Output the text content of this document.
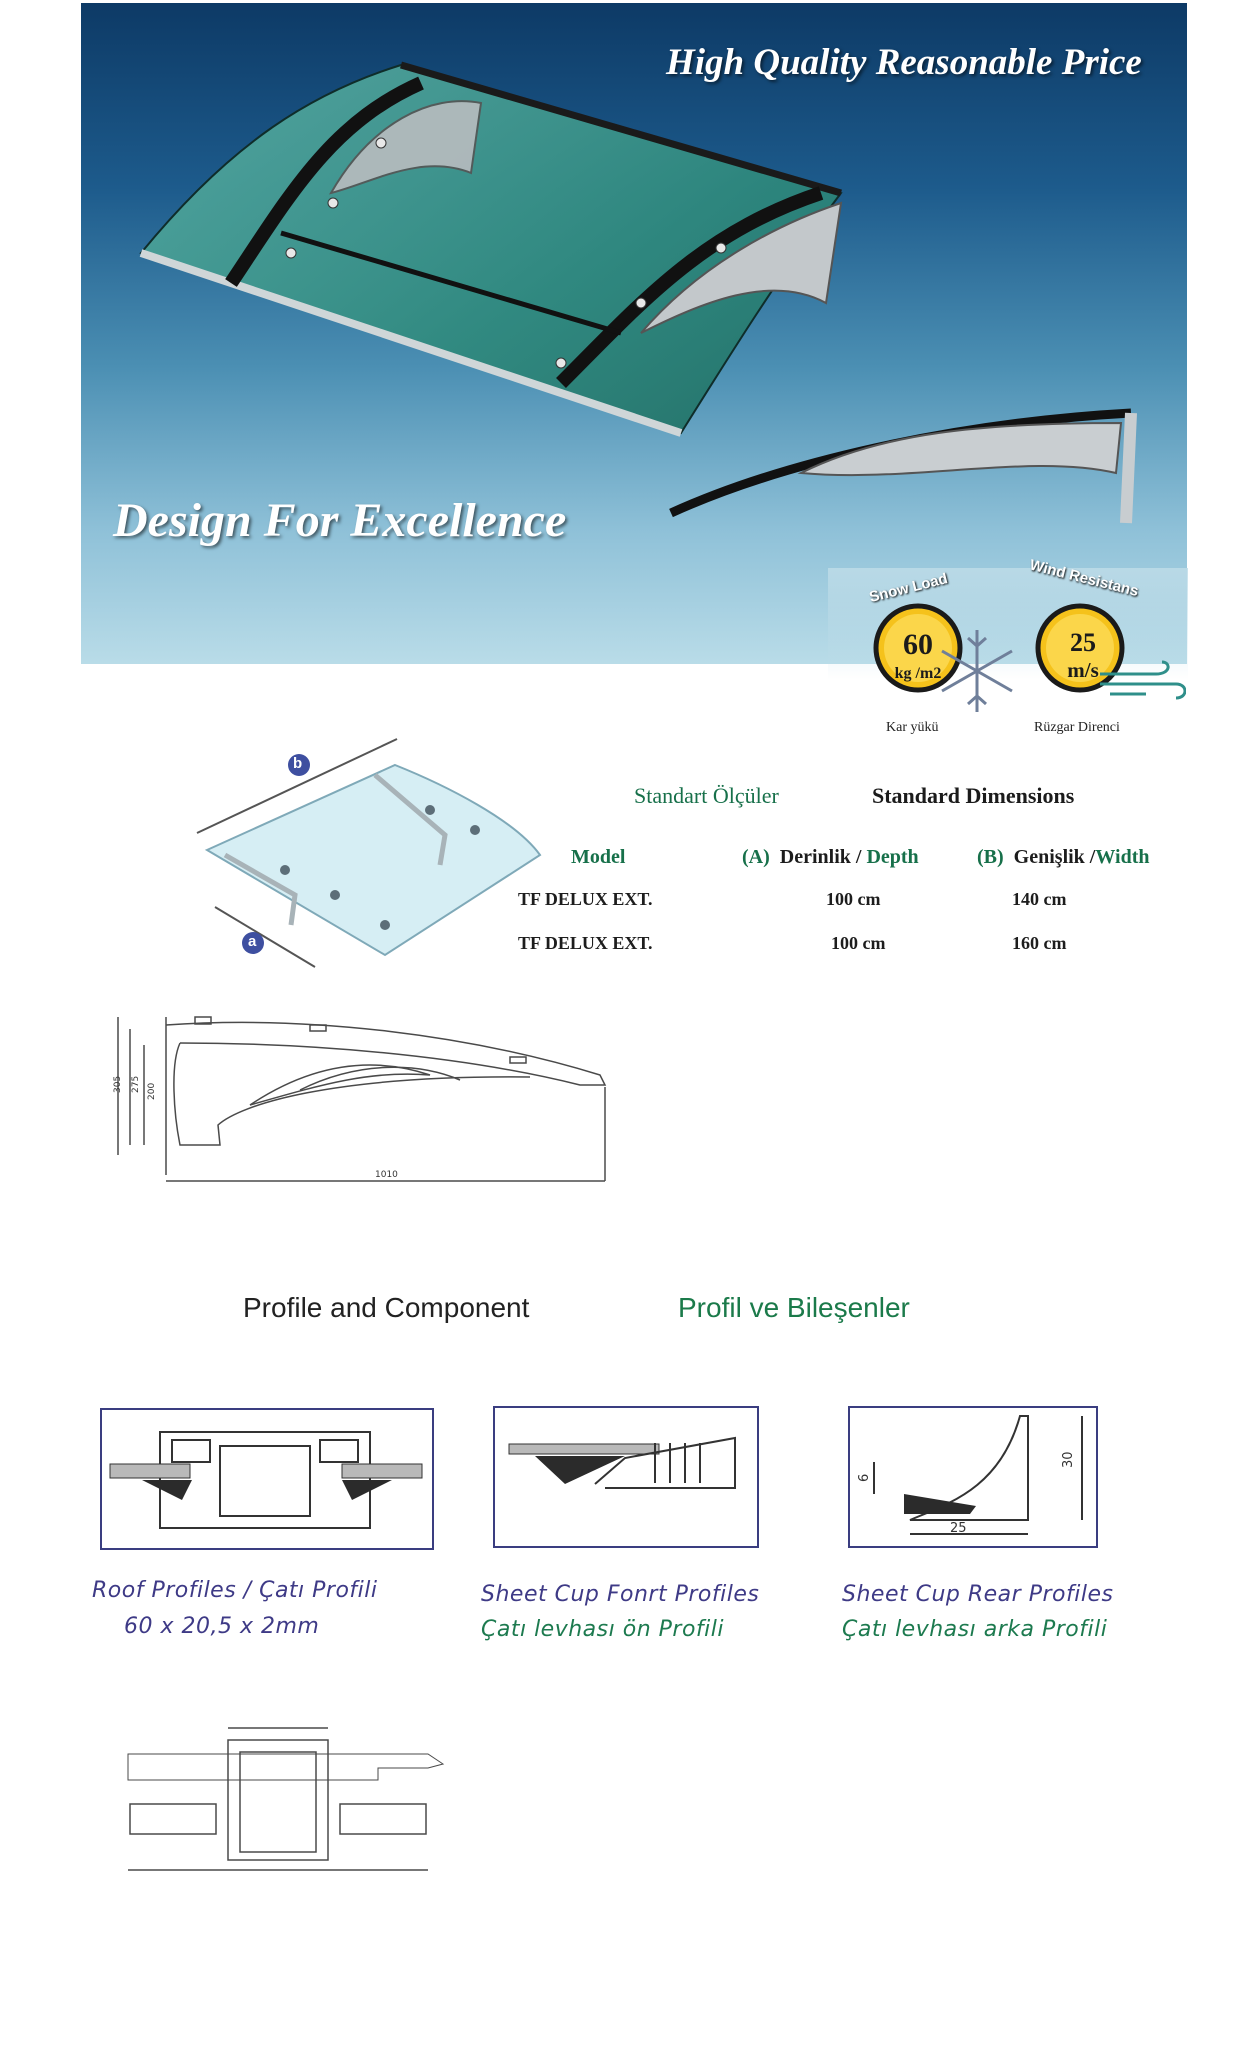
High Quality Reasonable Price
Design For Excellence
Snow Load
60
kg /m2
Kar yükü
Wind Resistans
25
m/s
Rüzgar Direnci
b
a
Standart Ölçüler	Standard Dimensions
Model	(A) Derinlik / Depth	(B) Genişlik /Width
TF DELUX EXT.	100 cm	140 cm
TF DELUX EXT.	100 cm	160 cm
305 275 200
1010
Profile and Component	Profil ve Bileşenler
Roof Profiles / Çatı Profili
60 x 20,5 x 2mm
Sheet Cup Fonrt Profiles
Çatı levhası ön Profili
25
30
6
Sheet Cup Rear Profiles
Çatı levhası arka Profili
